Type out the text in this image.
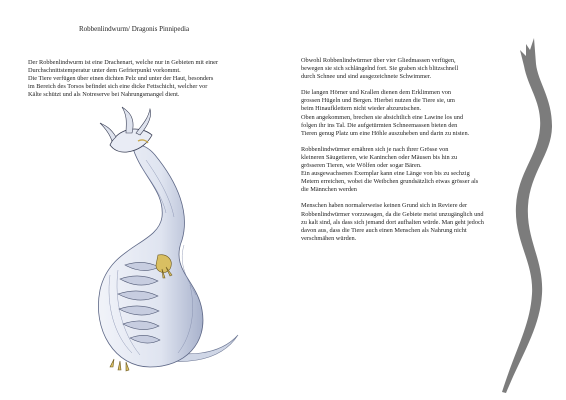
Robbenlindwurm/ Dragonis Pinnipedia

Der Robbenlindwurm ist eine Drachenart, welche nur in Gebieten mit einer

Durchschnittstemperatur unter dem Gefrierpunkt vorkommt.

Die Tiere verfügen über einen dichten Pelz und unter der Haut, besonders

im Bereich des Torsos befindet sich eine dicke Fettschicht, welcher vor

Kälte schützt und als Notreserve bei Nahrungsmangel dient.

Obwohl Robbenlindwürmer über vier Gliedmassen verfügen,

bewegen sie sich schlängelnd fort. Sie graben sich blitzschnell

durch Schnee und sind ausgezeichnete Schwimmer.

Die langen Hörner und Krallen dienen dem Erklimmen von

grossen Hügeln und Bergen. Hierbei nutzen die Tiere sie, um

beim Hinaufklettern nicht wieder abzurutschen.

Oben angekommen, brechen sie absichtlich eine Lawine los und

folgen ihr ins Tal. Die aufgetürmten Schneemassen bieten den

Tieren genug Platz um eine Höhle auszuheben und darin zu nisten.

Robbenlindwürmer ernähren sich je nach ihrer Grösse von

kleineren Säugetieren, wie Kaninchen oder Mäusen bis hin zu

grösseren Tieren, wie Wölfen oder sogar Bären.

Ein ausgewachsenes Exemplar kann eine Länge von bis zu sechzig

Metern erreichen, wobei die Weibchen grundsätzlich etwas grösser als

die Männchen werden

Menschen haben normalerweise keinen Grund sich in Reviere der

Robbenlindwürmer vorzuwagen, da die Gebiete meist unzugänglich und

zu kalt sind, als dass sich jemand dort aufhalten würde. Man geht jedoch

davon aus, dass die Tiere auch einen Menschen als Nahrung nicht

verschmähen würden.
